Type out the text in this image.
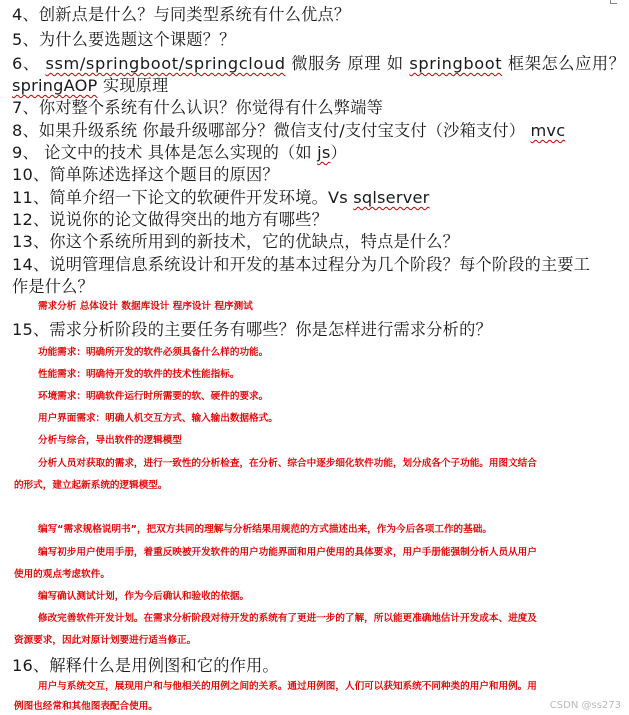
4、创新点是什么？与同类型系统有什么优点？
5、为什么要选题这个课题？？
6、 ssm/springboot/springcloud 微服务 原理 如 springboot 框架怎么应用？
springAOP 实现原理
7、你对整个系统有什么认识？你觉得有什么弊端等
8、如果升级系统 你最升级哪部分？微信支付/支付宝支付（沙箱支付） mvc
9、 论文中的技术 具体是怎么实现的（如 js）
10、简单陈述选择这个题目的原因？
11、简单介绍一下论文的软硬件开发环境。Vs sqlserver
12、说说你的论文做得突出的地方有哪些？
13、你这个系统所用到的新技术，它的优缺点，特点是什么？
14、说明管理信息系统设计和开发的基本过程分为几个阶段？每个阶段的主要工
作是什么？
需求分析 总体设计 数据库设计 程序设计 程序测试
15、需求分析阶段的主要任务有哪些？你是怎样进行需求分析的？
功能需求：明确所开发的软件必须具备什么样的功能。
性能需求：明确待开发的软件的技术性能指标。
环境需求：明确软件运行时所需要的软、硬件的要求。
用户界面需求：明确人机交互方式、输入输出数据格式。
分析与综合，导出软件的逻辑模型
分析人员对获取的需求，进行一致性的分析检查，在分析、综合中逐步细化软件功能，划分成各个子功能。用图文结合
的形式，建立起新系统的逻辑模型。
编写“需求规格说明书”，把双方共同的理解与分析结果用规范的方式描述出来，作为今后各项工作的基础。
编写初步用户使用手册，着重反映被开发软件的用户功能界面和用户使用的具体要求，用户手册能强制分析人员从用户
使用的观点考虑软件。
编写确认测试计划，作为今后确认和验收的依据。
修改完善软件开发计划。在需求分析阶段对待开发的系统有了更进一步的了解，所以能更准确地估计开发成本、进度及
资源要求，因此对原计划要进行适当修正。
16、解释什么是用例图和它的作用。
用户与系统交互，展现用户和与他相关的用例之间的关系。通过用例图，人们可以获知系统不同种类的用户和用例。用
例图也经常和其他图表配合使用。	CSDN @ss273
